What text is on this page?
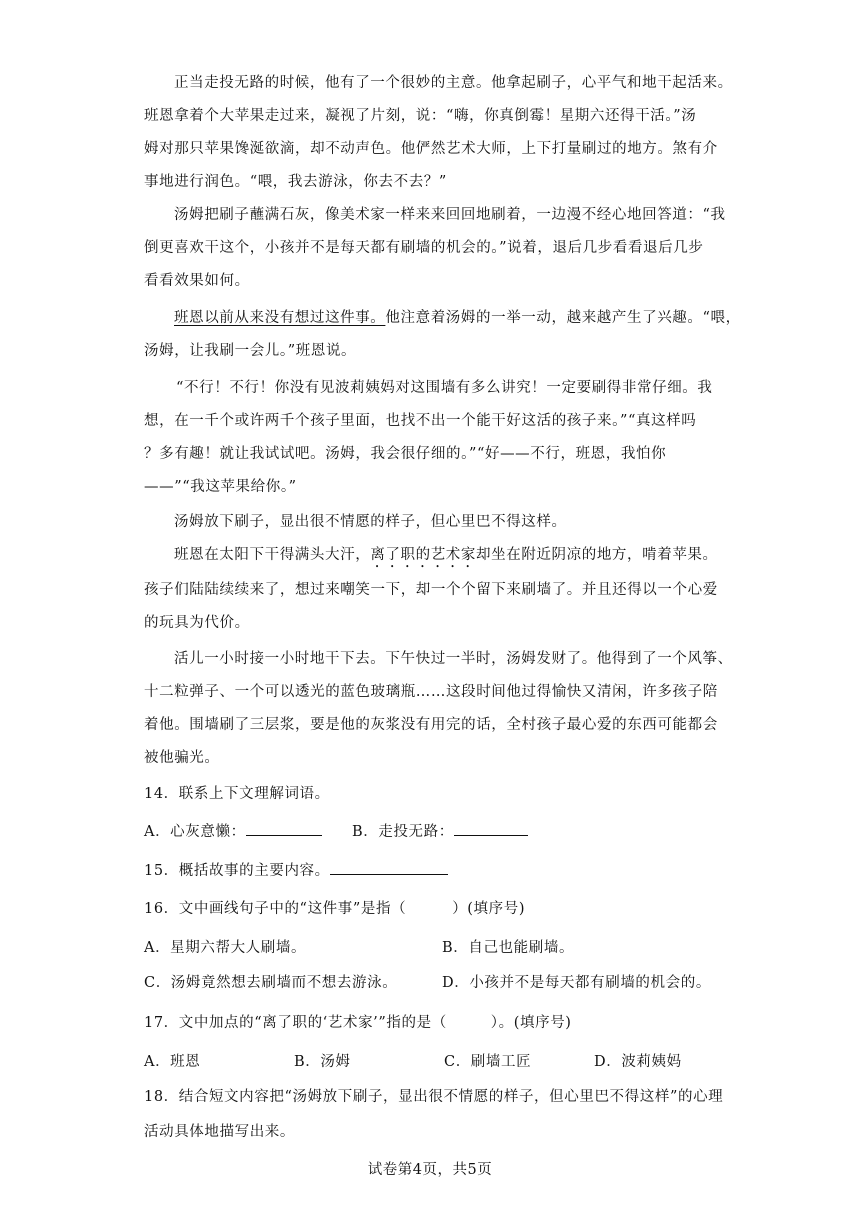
正当走投无路的时候，他有了一个很妙的主意。他拿起刷子，心平气和地干起活来。
班恩拿着个大苹果走过来，凝视了片刻，说：“嗨，你真倒霉！星期六还得干活。”汤
姆对那只苹果馋涎欲滴，却不动声色。他俨然艺术大师，上下打量刷过的地方。煞有介
事地进行润色。“喂，我去游泳，你去不去？”
汤姆把刷子蘸满石灰，像美术家一样来来回回地刷着，一边漫不经心地回答道：“我
倒更喜欢干这个，小孩并不是每天都有刷墙的机会的。”说着，退后几步看看退后几步
看看效果如何。
班恩以前从来没有想过这件事。他注意着汤姆的一举一动，越来越产生了兴趣。“喂，
汤姆，让我刷一会儿。”班恩说。
“不行！不行！你没有见波莉姨妈对这围墙有多么讲究！一定要刷得非常仔细。我
想，在一千个或许两千个孩子里面，也找不出一个能干好这活的孩子来。”“真这样吗
？多有趣！就让我试试吧。汤姆，我会很仔细的。”“好——不行，班恩，我怕你
——”“我这苹果给你。”
汤姆放下刷子，显出很不情愿的样子，但心里巴不得这样。
班恩在太阳下干得满头大汗，离了职的艺术家却坐在附近阴凉的地方，啃着苹果。
孩子们陆陆续续来了，想过来嘲笑一下，却一个个留下来刷墙了。并且还得以一个心爱
的玩具为代价。
活儿一小时接一小时地干下去。下午快过一半时，汤姆发财了。他得到了一个风筝、
十二粒弹子、一个可以透光的蓝色玻璃瓶……这段时间他过得愉快又清闲，许多孩子陪
着他。围墙刷了三层浆，要是他的灰浆没有用完的话，全村孩子最心爱的东西可能都会
被他骗光。
14．联系上下文理解词语。
A．心灰意懒：	B．走投无路：
15．概括故事的主要内容。
16．文中画线句子中的“这件事”是指（	）(填序号)
A．星期六帮大人刷墙。	B．自己也能刷墙。
C．汤姆竟然想去刷墙而不想去游泳。	D．小孩并不是每天都有刷墙的机会的。
17．文中加点的“离了职的‘艺术家’”指的是（	）。(填序号)
A．班恩	B．汤姆	C．刷墙工匠	D．波莉姨妈
18．结合短文内容把“汤姆放下刷子，显出很不情愿的样子，但心里巴不得这样”的心理
活动具体地描写出来。
试卷第4页，共5页
